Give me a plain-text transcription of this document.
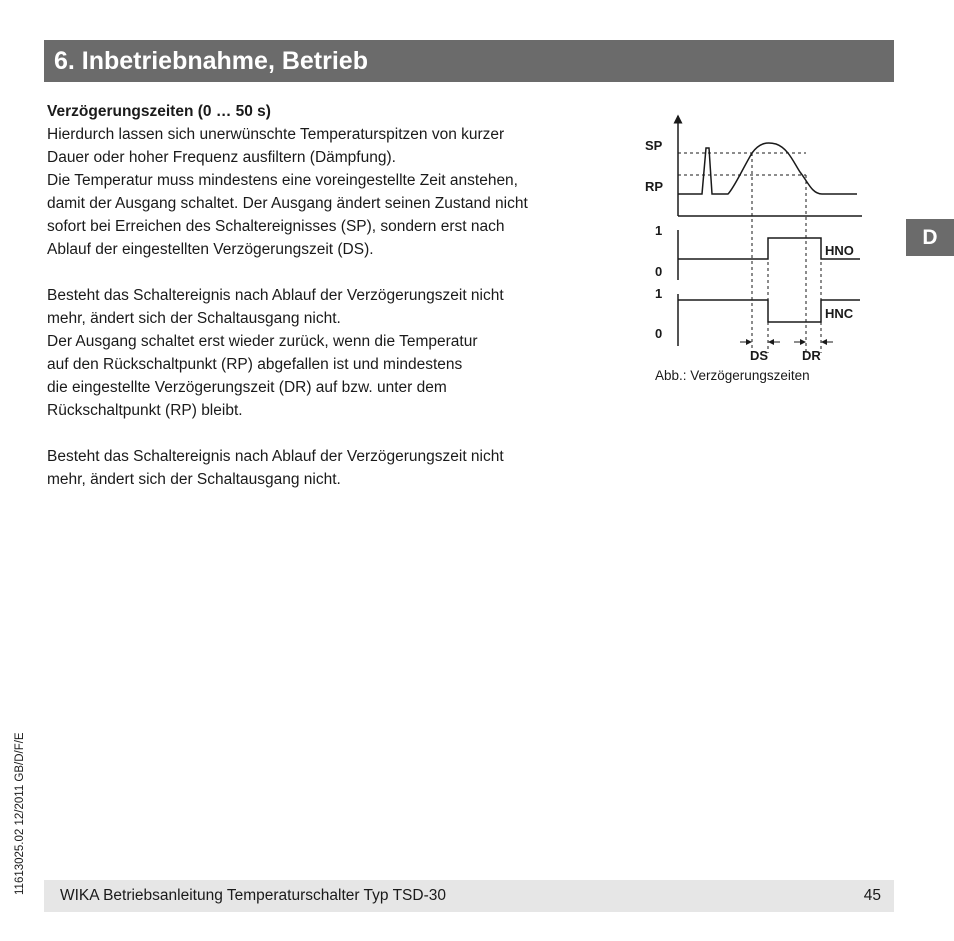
6. Inbetriebnahme, Betrieb
D

Verzögerungszeiten (0 … 50 s)

Hierdurch lassen sich unerwünschte Temperaturspitzen von kurzer
Dauer oder hoher Frequenz ausfiltern (Dämpfung).
Die Temperatur muss mindestens eine voreingestellte Zeit anstehen,
damit der Ausgang schaltet. Der Ausgang ändert seinen Zustand nicht
sofort bei Erreichen des Schaltereignisses (SP), sondern erst nach
Ablauf der eingestellten Verzögerungszeit (DS).
Besteht das Schaltereignis nach Ablauf der Verzögerungszeit nicht
mehr, ändert sich der Schaltausgang nicht.
Der Ausgang schaltet erst wieder zurück, wenn die Temperatur
auf den Rückschaltpunkt (RP) abgefallen ist und mindestens
die eingestellte Verzögerungszeit (DR) auf bzw. unter dem
Rückschaltpunkt (RP) bleibt.
Besteht das Schaltereignis nach Ablauf der Verzögerungszeit nicht
mehr, ändert sich der Schaltausgang nicht.
SP
RP
1
0
1
0
HNO
HNC
DS	DR
Abb.: Verzögerungszeiten
11613025.02 12/2011 GB/D/F/E
WIKA Betriebsanleitung Temperaturschalter Typ TSD-30	45
